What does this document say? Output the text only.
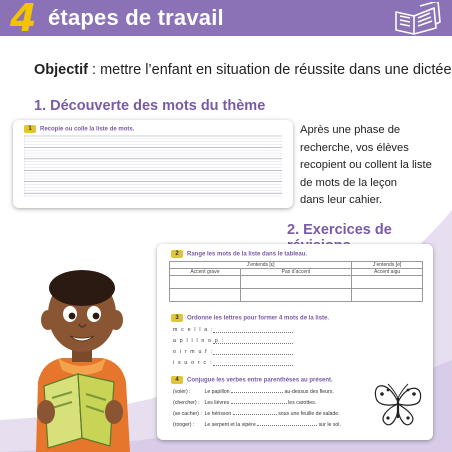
4 étapes de travail
Objectif : mettre l’enfant en situation de réussite dans une dictée
1. Découverte des mots du thème
1 Recopie ou colle la liste de mots.	Après une phase de
recherche, vos élèves
recopient ou collent la liste
de mots de la leçon
dans leur cahier.
2. Exercices de
2 Range les mots de la liste dans le tableau.
J’entends [ɛ]		J’entends [e]
Accent grave	Pas d’accent	Accent aigu

3 Ordonne les lettres pour former 4 mots de la liste.
m c e l l a :
a p l i l n o p :
o i r m u f :
i s u o r c :
4 Conjugue les verbes entre parenthèses au présent.
(voler) :	Le papillon	au-dessus des fleurs.
(chercher) : Les lièvres	les carottes.
(se cacher) : Le hérisson	sous une feuille de salade.
(ronger) : Le serpent et la vipère	sur le sol.
